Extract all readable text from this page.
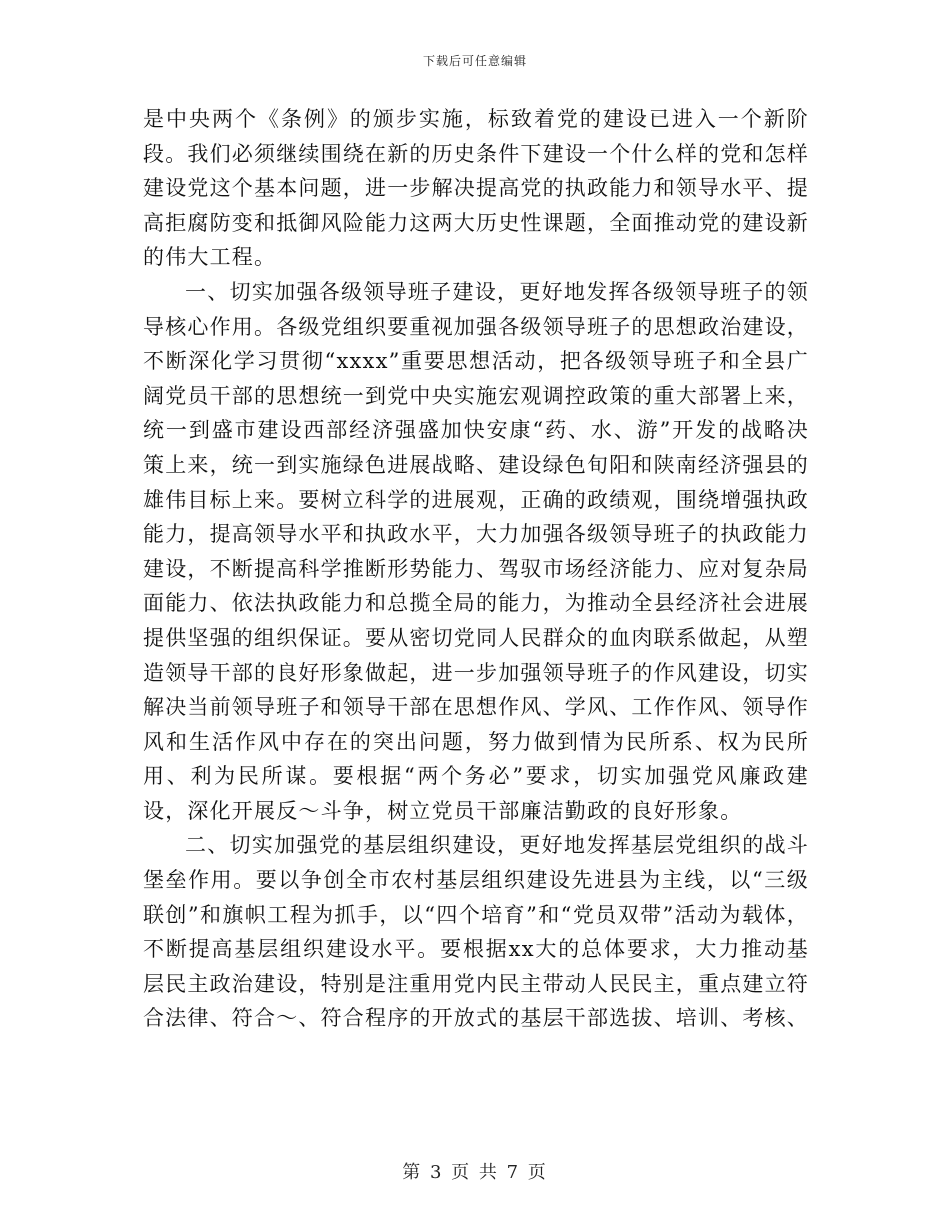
下载后可任意编辑

是中央两个《条例》的颁步实施，标致着党的建设已进入一个新阶段。我们必须继续围绕在新的历史条件下建设一个什么样的党和怎样建设党这个基本问题，进一步解决提高党的执政能力和领导水平、提高拒腐防变和抵御风险能力这两大历史性课题，全面推动党的建设新的伟大工程。

一、切实加强各级领导班子建设，更好地发挥各级领导班子的领导核心作用。各级党组织要重视加强各级领导班子的思想政治建设，不断深化学习贯彻“xxxx”重要思想活动，把各级领导班子和全县广阔党员干部的思想统一到党中央实施宏观调控政策的重大部署上来，统一到盛市建设西部经济强盛加快安康“药、水、游”开发的战略决策上来，统一到实施绿色进展战略、建设绿色旬阳和陕南经济强县的雄伟目标上来。要树立科学的进展观，正确的政绩观，围绕增强执政能力，提高领导水平和执政水平，大力加强各级领导班子的执政能力建设，不断提高科学推断形势能力、驾驭市场经济能力、应对复杂局面能力、依法执政能力和总揽全局的能力，为推动全县经济社会进展提供坚强的组织保证。要从密切党同人民群众的血肉联系做起，从塑造领导干部的良好形象做起，进一步加强领导班子的作风建设，切实解决当前领导班子和领导干部在思想作风、学风、工作作风、领导作风和生活作风中存在的突出问题，努力做到情为民所系、权为民所用、利为民所谋。要根据“两个务必”要求，切实加强党风廉政建设，深化开展反～斗争，树立党员干部廉洁勤政的良好形象。

二、切实加强党的基层组织建设，更好地发挥基层党组织的战斗堡垒作用。要以争创全市农村基层组织建设先进县为主线，以“三级联创”和旗帜工程为抓手，以“四个培育”和“党员双带”活动为载体，不断提高基层组织建设水平。要根据xx大的总体要求，大力推动基层民主政治建设，特别是注重用党内民主带动人民民主，重点建立符合法律、符合～、符合程序的开放式的基层干部选拔、培训、考核、

第 3 页 共 7 页
